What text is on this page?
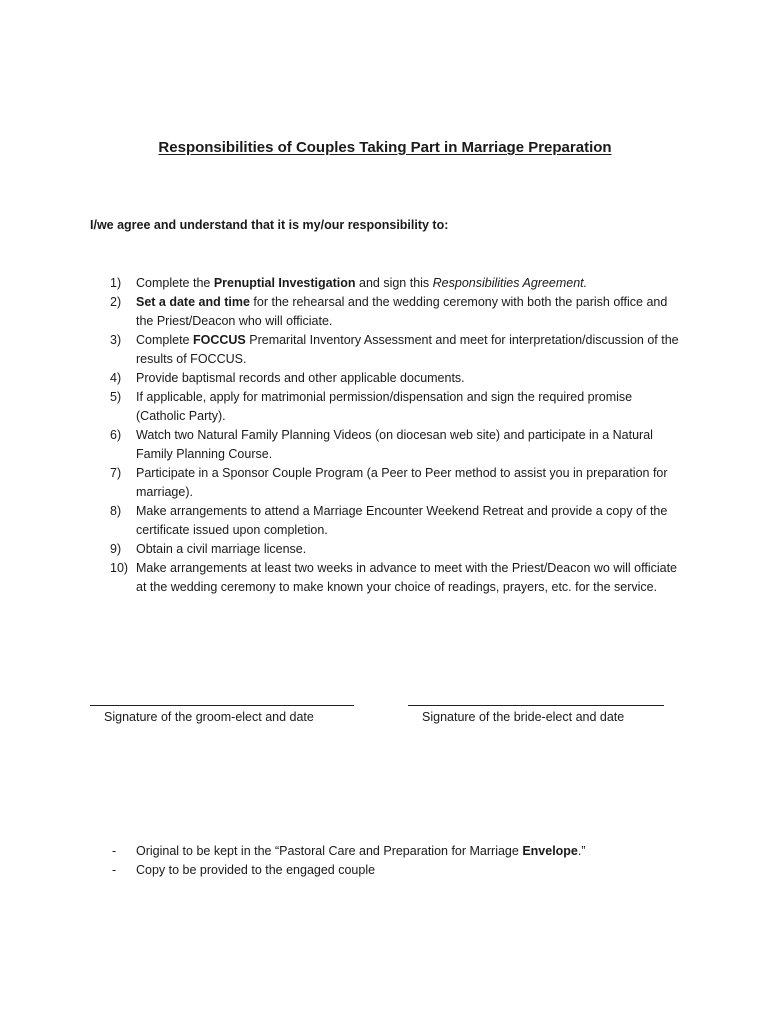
Responsibilities of Couples Taking Part in Marriage Preparation
I/we agree and understand that it is my/our responsibility to:
1) Complete the Prenuptial Investigation and sign this Responsibilities Agreement.
2) Set a date and time for the rehearsal and the wedding ceremony with both the parish office and the Priest/Deacon who will officiate.
3) Complete FOCCUS Premarital Inventory Assessment and meet for interpretation/discussion of the results of FOCCUS.
4) Provide baptismal records and other applicable documents.
5) If applicable, apply for matrimonial permission/dispensation and sign the required promise (Catholic Party).
6) Watch two Natural Family Planning Videos (on diocesan web site) and participate in a Natural Family Planning Course.
7) Participate in a Sponsor Couple Program (a Peer to Peer method to assist you in preparation for marriage).
8) Make arrangements to attend a Marriage Encounter Weekend Retreat and provide a copy of the certificate issued upon completion.
9) Obtain a civil marriage license.
10) Make arrangements at least two weeks in advance to meet with the Priest/Deacon wo will officiate at the wedding ceremony to make known your choice of readings, prayers, etc. for the service.
Signature of the groom-elect and date	Signature of the bride-elect and date
- Original to be kept in the “Pastoral Care and Preparation for Marriage Envelope.”
- Copy to be provided to the engaged couple
